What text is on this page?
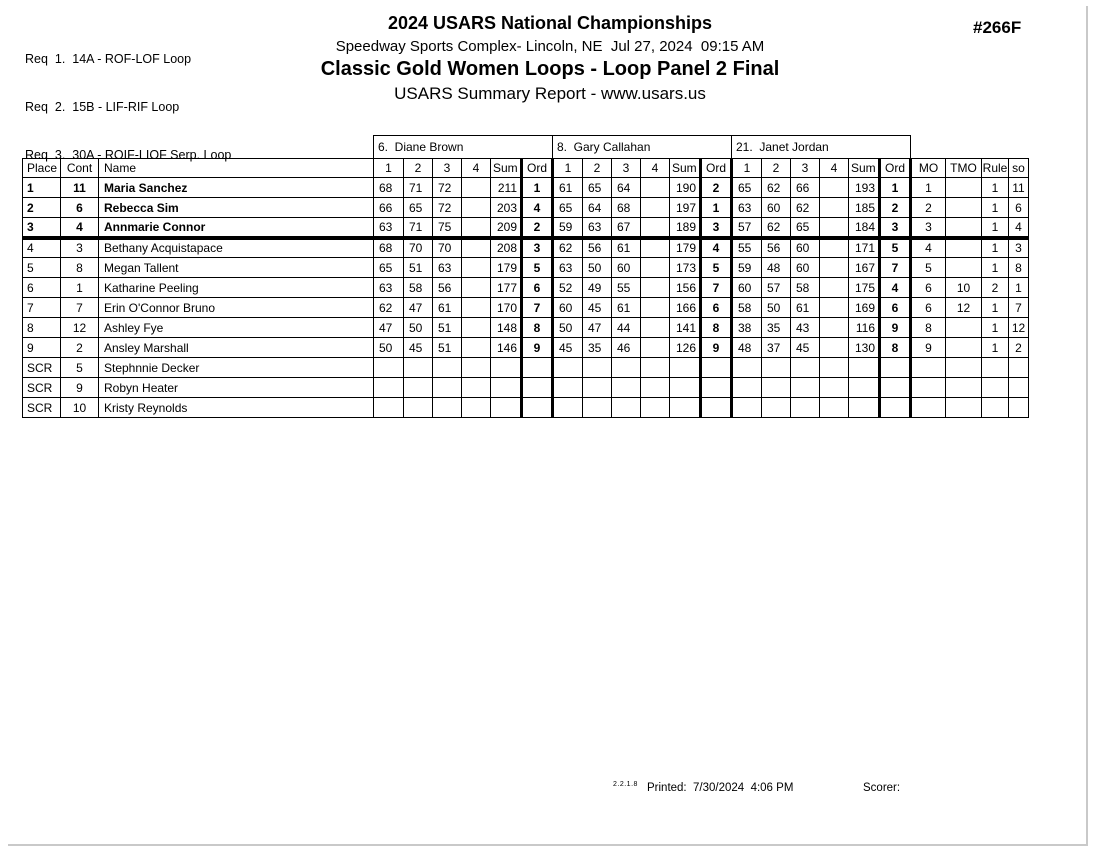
Req  1.  14A - ROF-LOF Loop

Req  2.  15B - LIF-RIF Loop

Req  3.  30A - ROIF-LIOF Serp. Loop

2024 USARS National Championships
Speedway Sports Complex- Lincoln, NE  Jul 27, 2024  09:15 AM
Classic Gold Women Loops - Loop Panel 2 Final
USARS Summary Report - www.usars.us
#266F
			6.  Diane Brown						8.  Gary Callahan						21.  Janet Jordan									
Place	Cont	Name	1	2	3	4	Sum	Ord	1	2	3	4	Sum	Ord	1	2	3	4	Sum	Ord	MO	TMO	Rule	so
1	11	Maria Sanchez	68	71	72		211	1	61	65	64		190	2	65	62	66		193	1	1		1	11
2	6	Rebecca Sim	66	65	72		203	4	65	64	68		197	1	63	60	62		185	2	2		1	6
3	4	Annmarie Connor	63	71	75		209	2	59	63	67		189	3	57	62	65		184	3	3		1	4
4	3	Bethany Acquistapace	68	70	70		208	3	62	56	61		179	4	55	56	60		171	5	4		1	3
5	8	Megan Tallent	65	51	63		179	5	63	50	60		173	5	59	48	60		167	7	5		1	8
6	1	Katharine Peeling	63	58	56		177	6	52	49	55		156	7	60	57	58		175	4	6	10	2	1
7	7	Erin O'Connor Bruno	62	47	61		170	7	60	45	61		166	6	58	50	61		169	6	6	12	1	7
8	12	Ashley Fye	47	50	51		148	8	50	47	44		141	8	38	35	43		116	9	8		1	12
9	2	Ansley Marshall	50	45	51		146	9	45	35	46		126	9	48	37	45		130	8	9		1	2
SCR	5	Stephnnie Decker																						
SCR	9	Robyn Heater																						
SCR	10	Kristy Reynolds																						
2.2.1.8 Printed:  7/30/2024  4:06 PM	Scorer:
